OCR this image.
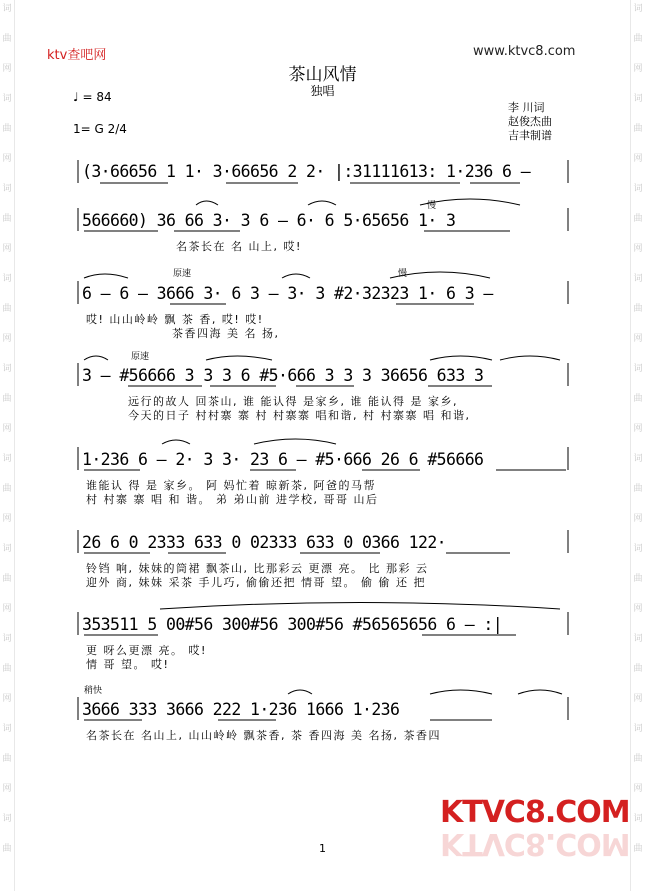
词
曲
网
词
曲
网
词
曲
网
词
曲
网
词
曲
网
词
曲
网
词
曲
网
词
曲
网
词
曲
网
词
曲
词
曲
网
词
曲
网
词
曲
网
词
曲
网
词
曲
网
词
曲
网
词
曲
网
词
曲
网
词
曲
网
词
曲
ktv查吧网	www.ktvc8.com
茶山风情
独唱
♩ = 84
1= G 2/4
李 川词
赵俊杰曲
吉聿制谱
(3·66656 1 1· 3·66656 2 2· |:31111613: 1·236 6 —
566660) 36 66 3· 3 6 — 6· 6 5·65656 1· 3
慢
名茶长在 名 山上, 哎!
原速	慢
6 — 6 — 3666 3· 6 3 — 3· 3 #2·32323 1· 6 3 —
哎! 山山岭岭 飘 茶 香, 哎! 哎!
茶香四海 美 名 扬,
原速
3 — #56666 3 3 3 6 #5·666 3 3 3 36656 633 3
远行的故人 回茶山, 谁 能认得 是家乡, 谁 能认得 是 家乡,
今天的日子 村村寨 寨 村 村寨寨 唱和谐, 村 村寨寨 唱 和谐,
1·236 6 — 2· 3 3· 23 6 — #5·666 26 6 #56666
谁能认 得 是 家乡。 阿 妈忙着 晾新茶, 阿爸的马帮
村 村寨 寨 唱 和 谐。 弟 弟山前 进学校, 哥哥 山后
26 6 0 2333 633 0 02333 633 0 0366 122·
铃铛 响, 妹妹的筒裙 飘茶山, 比那彩云 更漂 亮。 比 那彩 云
迎外 商, 妹妹 采茶 手儿巧, 偷偷还把 情哥 望。 偷 偷 还 把
353511 5 00#56 300#56 300#56 #56565656 6 — :|
更 呀么更漂 亮。 哎!
情 哥 望。 哎!
稍快
3666 333 3666 222 1·236 1666 1·236
名茶长在 名山上, 山山岭岭 飘茶香, 茶 香四海 美 名扬, 茶香四
KTVC8.COM
KTVC8.COM
1
